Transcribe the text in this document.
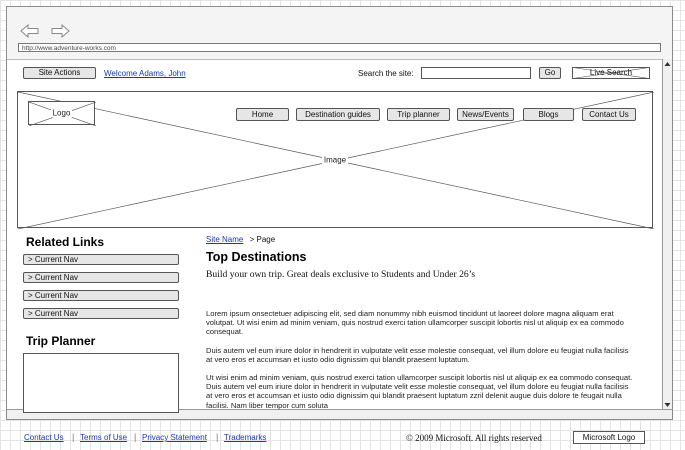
http://www.adventure-works.com
Site Actions	Welcome Adams, John	Search the site:	Go	Live Search
Image
Logo	Home	Destination guides	Trip planner	News/Events	Blogs	Contact Us
Related Links
> Current Nav
> Current Nav
> Current Nav
> Current Nav
Trip Planner
Site Name > Page
Top Destinations
Build your own trip. Great deals exclusive to Students and Under 26’s
Lorem ipsum onsectetuer adipiscing elit, sed diam nonummy nibh euismod tincidunt ut laoreet dolore magna aliquam erat volutpat. Ut wisi enim ad minim veniam, quis nostrud exerci tation ullamcorper suscipit lobortis nisl ut aliquip ex ea commodo consequat.
Duis autem vel eum iriure dolor in hendrerit in vulputate velit esse molestie consequat, vel illum dolore eu feugiat nulla facilisis at vero eros et accumsan et iusto odio dignissim qui blandit praesent luptatum.
Ut wisi enim ad minim veniam, quis nostrud exerci tation ullamcorper suscipit lobortis nisl ut aliquip ex ea commodo consequat. Duis autem vel eum iriure dolor in hendrerit in vulputate velit esse molestie consequat, vel illum dolore eu feugiat nulla facilisis at vero eros et accumsan et iusto odio dignissim qui blandit praesent luptatum zzril delenit augue duis dolore te feugait nulla facilisi. Nam liber tempor cum soluta
Contact Us | Terms of Use | Privacy Statement | Trademarks	© 2009 Microsoft. All rights reserved	Microsoft Logo
